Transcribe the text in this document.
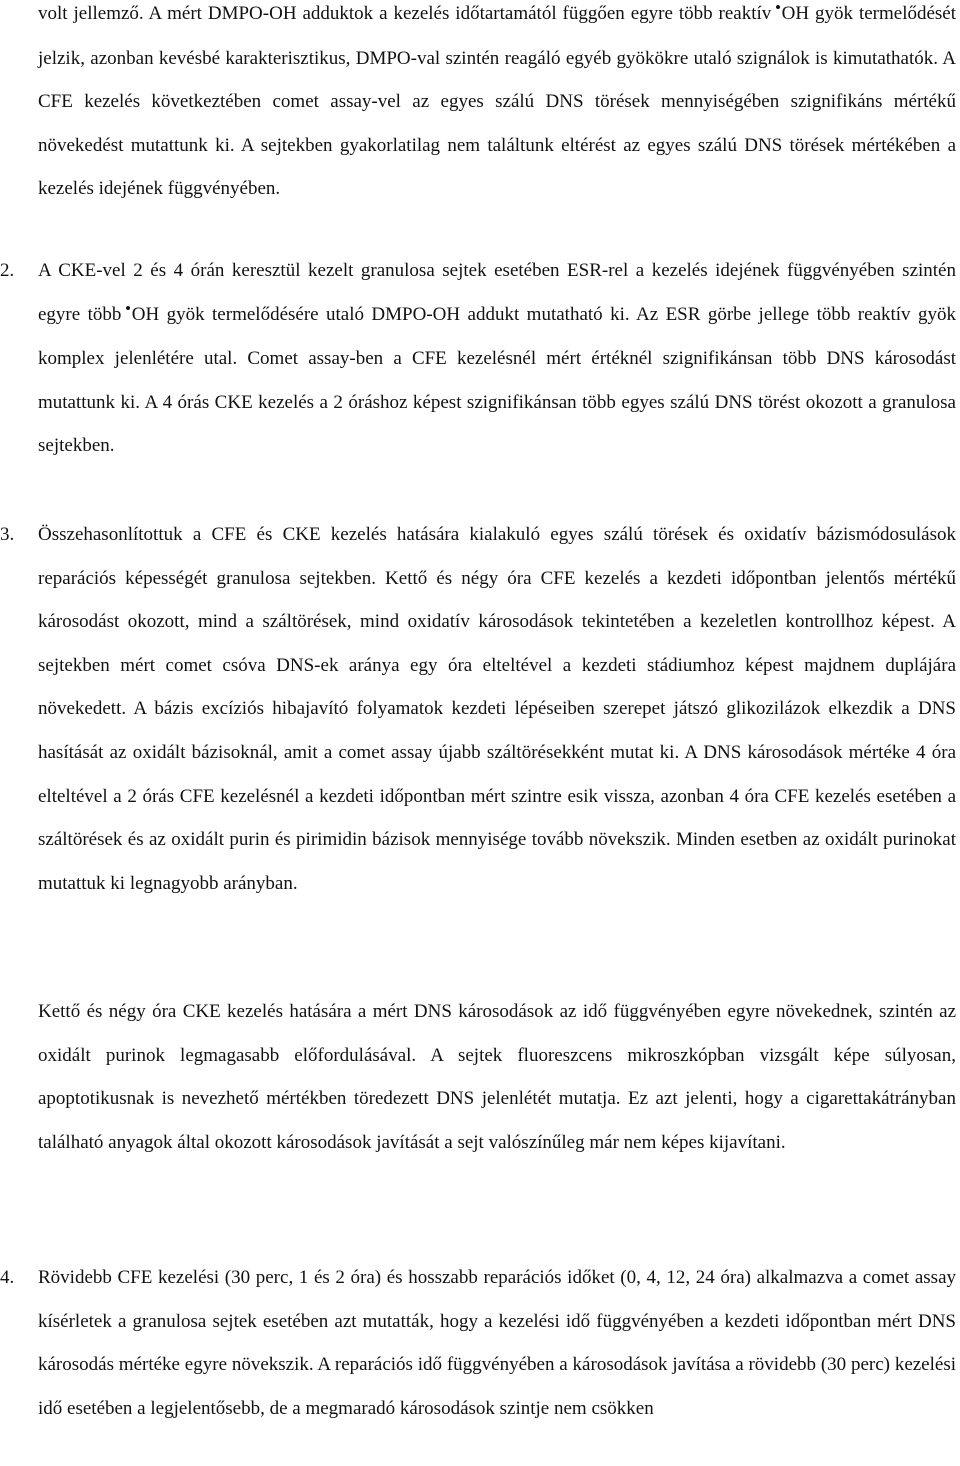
volt jellemző. A mért DMPO-OH adduktok a kezelés időtartamától függően egyre több reaktív •OH gyök termelődését jelzik, azonban kevésbé karakterisztikus, DMPO-val szintén reagáló egyéb gyökökre utaló szignálok is kimutathatók. A CFE kezelés következtében comet assay-vel az egyes szálú DNS törések mennyiségében szignifikáns mértékű növekedést mutattunk ki. A sejtekben gyakorlatilag nem találtunk eltérést az egyes szálú DNS törések mértékében a kezelés idejének függvényében.

2.	A CKE-vel 2 és 4 órán keresztül kezelt granulosa sejtek esetében ESR-rel a kezelés idejének függvényében szintén egyre több •OH gyök termelődésére utaló DMPO-OH addukt mutatható ki. Az ESR görbe jellege több reaktív gyök komplex jelenlétére utal. Comet assay-ben a CFE kezelésnél mért értéknél szignifikánsan több DNS károsodást mutattunk ki. A 4 órás CKE kezelés a 2 óráshoz képest szignifikánsan több egyes szálú DNS törést okozott a granulosa sejtekben.

3.	Összehasonlítottuk a CFE és CKE kezelés hatására kialakuló egyes szálú törések és oxidatív bázismódosulások reparációs képességét granulosa sejtekben. Kettő és négy óra CFE kezelés a kezdeti időpontban jelentős mértékű károsodást okozott, mind a száltörések, mind oxidatív károsodások tekintetében a kezeletlen kontrollhoz képest. A sejtekben mért comet csóva DNS-ek aránya egy óra elteltével a kezdeti stádiumhoz képest majdnem duplájára növekedett. A bázis excíziós hibajavító folyamatok kezdeti lépéseiben szerepet játszó glikozilázok elkezdik a DNS hasítását az oxidált bázisoknál, amit a comet assay újabb száltörésekként mutat ki. A DNS károsodások mértéke 4 óra elteltével a 2 órás CFE kezelésnél a kezdeti időpontban mért szintre esik vissza, azonban 4 óra CFE kezelés esetében a száltörések és az oxidált purin és pirimidin bázisok mennyisége tovább növekszik. Minden esetben az oxidált purinokat mutattuk ki legnagyobb arányban.

Kettő és négy óra CKE kezelés hatására a mért DNS károsodások az idő függvényében egyre növekednek, szintén az oxidált purinok legmagasabb előfordulásával. A sejtek fluoreszcens mikroszkópban vizsgált képe súlyosan, apoptotikusnak is nevezhető mértékben töredezett DNS jelenlétét mutatja. Ez azt jelenti, hogy a cigarettakátrányban található anyagok által okozott károsodások javítását a sejt valószínűleg már nem képes kijavítani.

4.	Rövidebb CFE kezelési (30 perc, 1 és 2 óra) és hosszabb reparációs időket (0, 4, 12, 24 óra) alkalmazva a comet assay kísérletek a granulosa sejtek esetében azt mutatták, hogy a kezelési idő függvényében a kezdeti időpontban mért DNS károsodás mértéke egyre növekszik. A reparációs idő függvényében a károsodások javítása a rövidebb (30 perc) kezelési idő esetében a legjelentősebb, de a megmaradó károsodások szintje nem csökken
